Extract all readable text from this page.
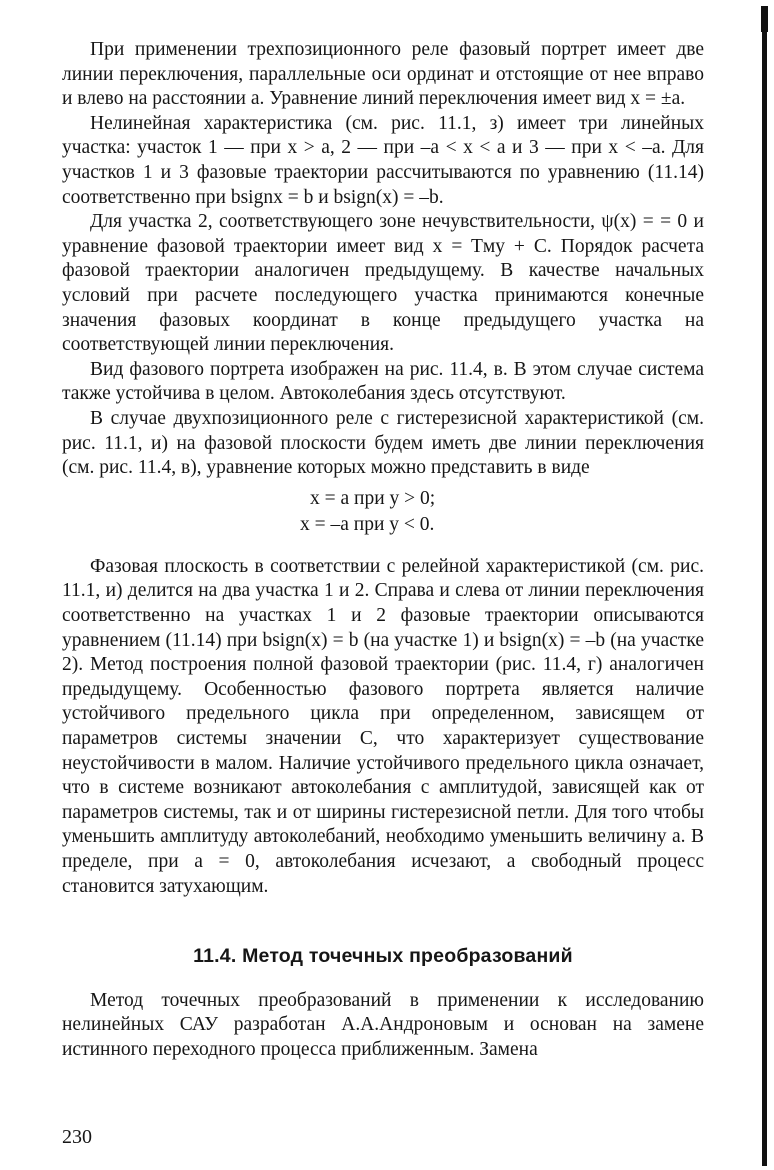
При применении трехпозиционного реле фазовый портрет имеет две линии переключения, параллельные оси ординат и отстоящие от нее вправо и влево на расстоянии a. Уравнение линий переключения имеет вид x = ±a.

Нелинейная характеристика (см. рис. 11.1, з) имеет три линейных участка: участок 1 — при x > a, 2 — при –a < x < a и 3 — при x < –a. Для участков 1 и 3 фазовые траектории рассчитываются по уравнению (11.14) соответственно при bsignx = b и bsign(x) = –b.

Для участка 2, соответствующего зоне нечувствительности, ψ(x) = = 0 и уравнение фазовой траектории имеет вид x = Tмy + C. Порядок расчета фазовой траектории аналогичен предыдущему. В качестве начальных условий при расчете последующего участка принимаются конечные значения фазовых координат в конце предыдущего участка на соответствующей линии переключения.

Вид фазового портрета изображен на рис. 11.4, в. В этом случае система также устойчива в целом. Автоколебания здесь отсутствуют.

В случае двухпозиционного реле с гистерезисной характеристикой (см. рис. 11.1, и) на фазовой плоскости будем иметь две линии переключения (см. рис. 11.4, в), уравнение которых можно представить в виде

x = a при y > 0;
x = –a при y < 0.

Фазовая плоскость в соответствии с релейной характеристикой (см. рис. 11.1, и) делится на два участка 1 и 2. Справа и слева от линии переключения соответственно на участках 1 и 2 фазовые траектории описываются уравнением (11.14) при bsign(x) = b (на участке 1) и bsign(x) = –b (на участке 2). Метод построения полной фазовой траектории (рис. 11.4, г) аналогичен предыдущему. Особенностью фазового портрета является наличие устойчивого предельного цикла при определенном, зависящем от параметров системы значении C, что характеризует существование неустойчивости в малом. Наличие устойчивого предельного цикла означает, что в системе возникают автоколебания с амплитудой, зависящей как от параметров системы, так и от ширины гистерезисной петли. Для того чтобы уменьшить амплитуду автоколебаний, необходимо уменьшить величину a. В пределе, при a = 0, автоколебания исчезают, а свободный процесс становится затухающим.

11.4. Метод точечных преобразований

Метод точечных преобразований в применении к исследованию нелинейных САУ разработан А.А.Андроновым и основан на замене истинного переходного процесса приближенным. Замена

230
